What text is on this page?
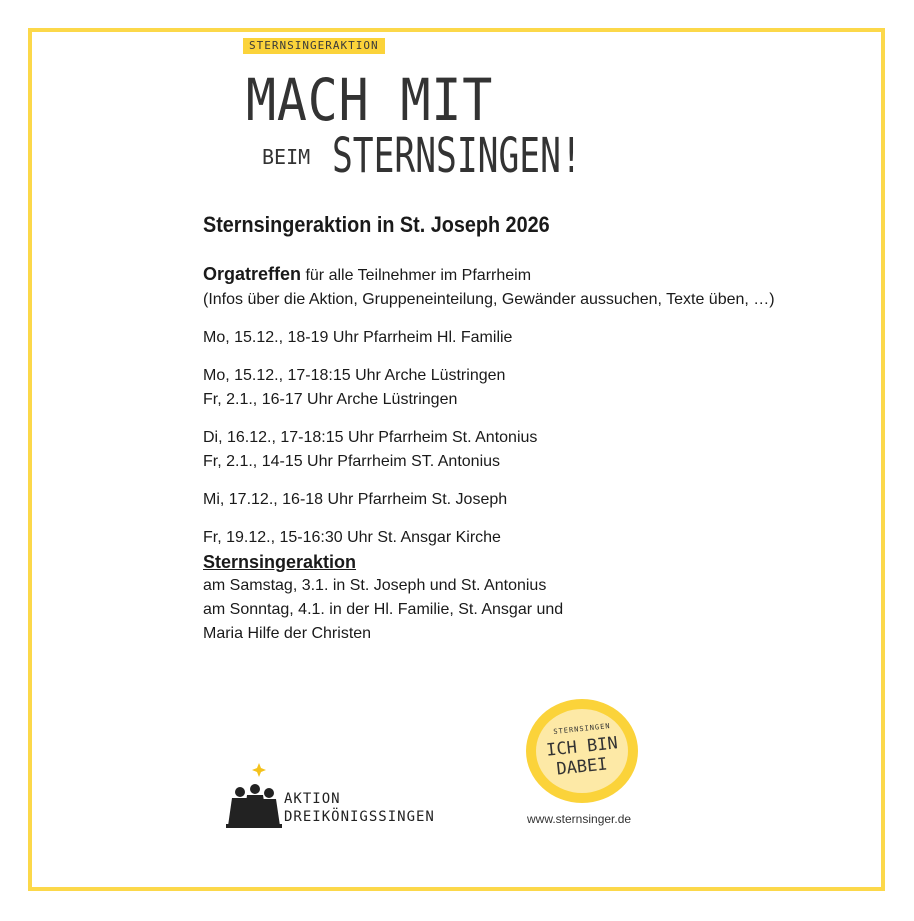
STERNSINGERAKTION
MACH MIT
BEIM STERNSINGEN!
Sternsingeraktion in St. Joseph 2026

Orgatreffen für alle Teilnehmer im Pfarrheim

(Infos über die Aktion, Gruppeneinteilung, Gewänder aussuchen, Texte üben, …)

Mo, 15.12., 18-19 Uhr Pfarrheim Hl. Familie

Mo, 15.12., 17-18:15 Uhr Arche Lüstringen

Fr, 2.1., 16-17 Uhr Arche Lüstringen

Di, 16.12., 17-18:15 Uhr Pfarrheim St. Antonius

Fr, 2.1., 14-15 Uhr Pfarrheim ST. Antonius

Mi, 17.12., 16-18 Uhr Pfarrheim St. Joseph

Fr, 19.12., 15-16:30 Uhr St. Ansgar Kirche

Sternsingeraktion

am Samstag, 3.1. in St. Joseph und St. Antonius

am Sonntag, 4.1. in der Hl. Familie, St. Ansgar und

Maria Hilfe der Christen

AKTION
DREIKÖNIGSSINGEN
STERNSINGEN
ICH BIN
DABEI
www.sternsinger.de
